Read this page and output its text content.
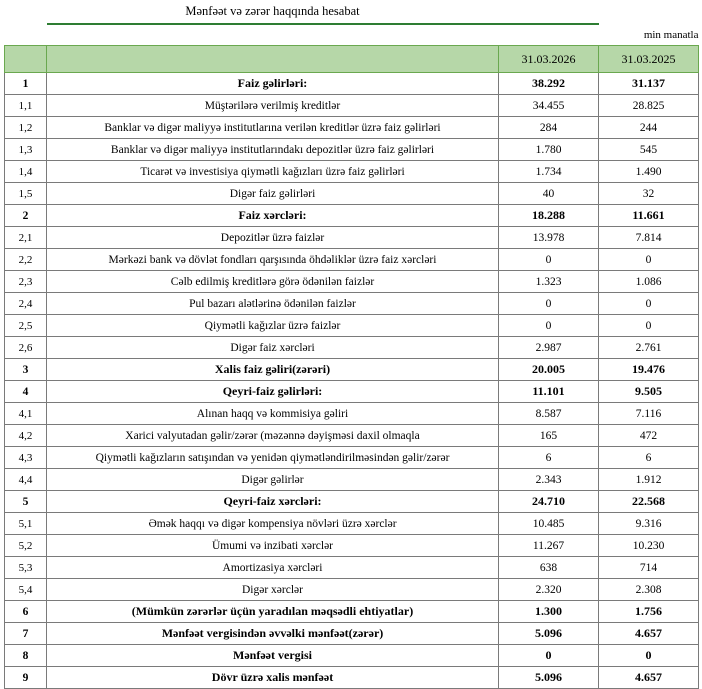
	Mənfəət və zərər haqqında hesabat		
			min manatla
		31.03.2026	31.03.2025
1	Faiz gəlirləri:	38.292	31.137
1,1	Müştərilərə verilmiş kreditlər	34.455	28.825
1,2	Banklar və digər maliyyə institutlarına verilən kreditlər üzrə faiz gəlirləri	284	244
1,3	Banklar və digər maliyyə institutlarındakı depozitlər üzrə faiz gəlirləri	1.780	545
1,4	Ticarət və investisiya qiymətli kağızları üzrə faiz gəlirləri	1.734	1.490
1,5	Digər faiz gəlirləri	40	32
2	Faiz xərcləri:	18.288	11.661
2,1	Depozitlər üzrə faizlər	13.978	7.814
2,2	Mərkəzi bank və dövlət fondları qarşısında öhdəliklər üzrə faiz xərcləri	0	0
2,3	Cəlb edilmiş kreditlərə görə ödənilən faizlər	1.323	1.086
2,4	Pul bazarı alətlərinə ödənilən faizlər	0	0
2,5	Qiymətli kağızlar üzrə faizlər	0	0
2,6	Digər faiz xərcləri	2.987	2.761
3	Xalis faiz gəliri(zərəri)	20.005	19.476
4	Qeyri-faiz gəlirləri:	11.101	9.505
4,1	Alınan haqq və kommisiya gəliri	8.587	7.116
4,2	Xarici valyutadan gəlir/zərər (məzənnə dəyişməsi daxil olmaqla	165	472
4,3	Qiymətli kağızların satışından və yenidən qiymətləndirilməsindən gəlir/zərər	6	6
4,4	Digər gəlirlər	2.343	1.912
5	Qeyri-faiz xərcləri:	24.710	22.568
5,1	Əmək haqqı və digər kompensiya növləri üzrə xərclər	10.485	9.316
5,2	Ümumi və inzibati xərclər	11.267	10.230
5,3	Amortizasiya xərcləri	638	714
5,4	Digər xərclər	2.320	2.308
6	(Mümkün zərərlər üçün yaradılan məqsədli ehtiyatlar)	1.300	1.756
7	Mənfəət vergisindən əvvəlki mənfəət(zərər)	5.096	4.657
8	Mənfəət vergisi	0	0
9	Dövr üzrə xalis mənfəət	5.096	4.657
